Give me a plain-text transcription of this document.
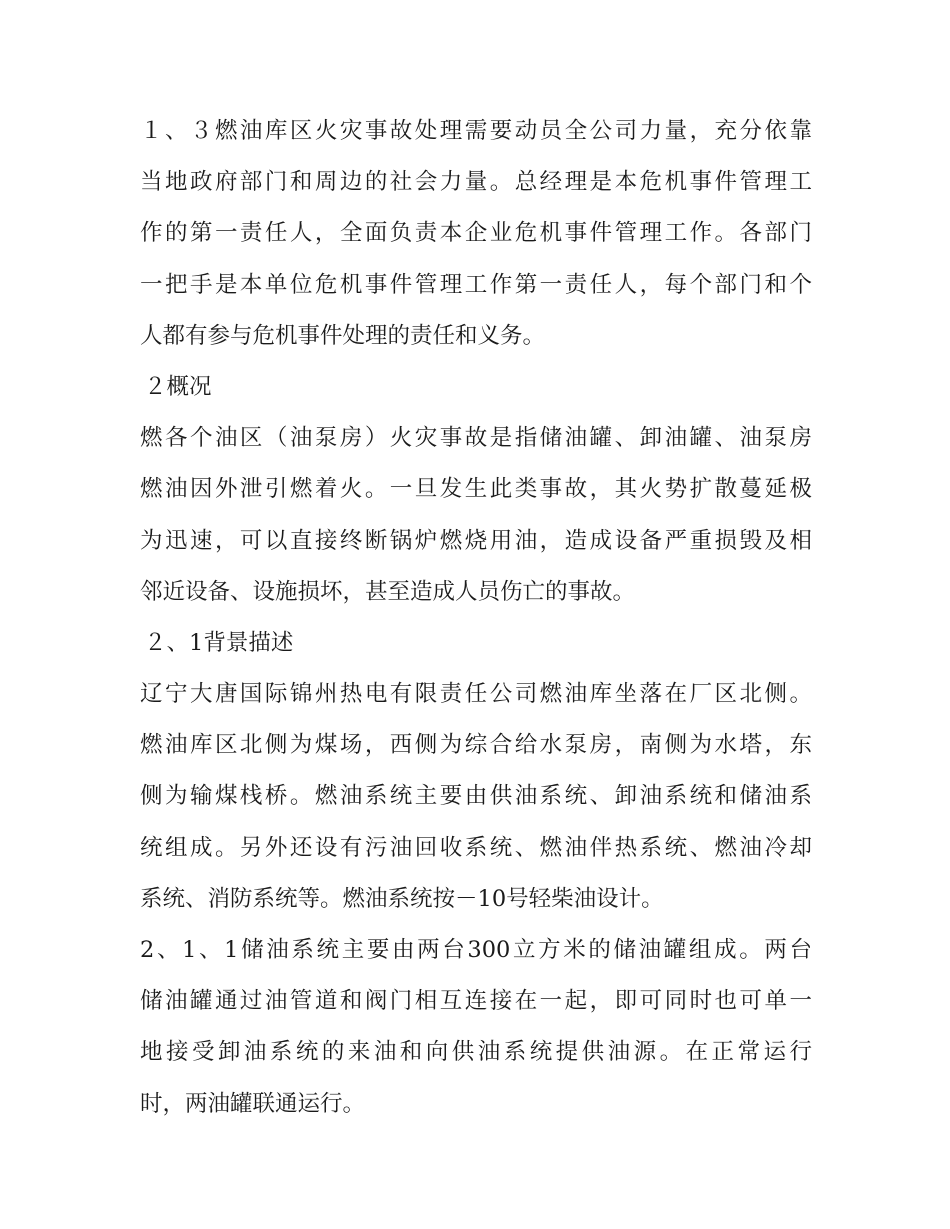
１、３燃油库区火灾事故处理需要动员全公司力量，充分依靠
当地政府部门和周边的社会力量。总经理是本危机事件管理工
作的第一责任人，全面负责本企业危机事件管理工作。各部门
一把手是本单位危机事件管理工作第一责任人，每个部门和个
人都有参与危机事件处理的责任和义务。
２概况
燃各个油区（油泵房）火灾事故是指储油罐、卸油罐、油泵房
燃油因外泄引燃着火。一旦发生此类事故，其火势扩散蔓延极
为迅速，可以直接终断锅炉燃烧用油，造成设备严重损毁及相
邻近设备、设施损坏，甚至造成人员伤亡的事故。
２、1背景描述
辽宁大唐国际锦州热电有限责任公司燃油库坐落在厂区北侧。
燃油库区北侧为煤场，西侧为综合给水泵房，南侧为水塔，东
侧为输煤栈桥。燃油系统主要由供油系统、卸油系统和储油系
统组成。另外还设有污油回收系统、燃油伴热系统、燃油冷却
系统、消防系统等。燃油系统按－10号轻柴油设计。
2、1、1储油系统主要由两台300立方米的储油罐组成。两台
储油罐通过油管道和阀门相互连接在一起，即可同时也可单一
地接受卸油系统的来油和向供油系统提供油源。在正常运行
时，两油罐联通运行。
